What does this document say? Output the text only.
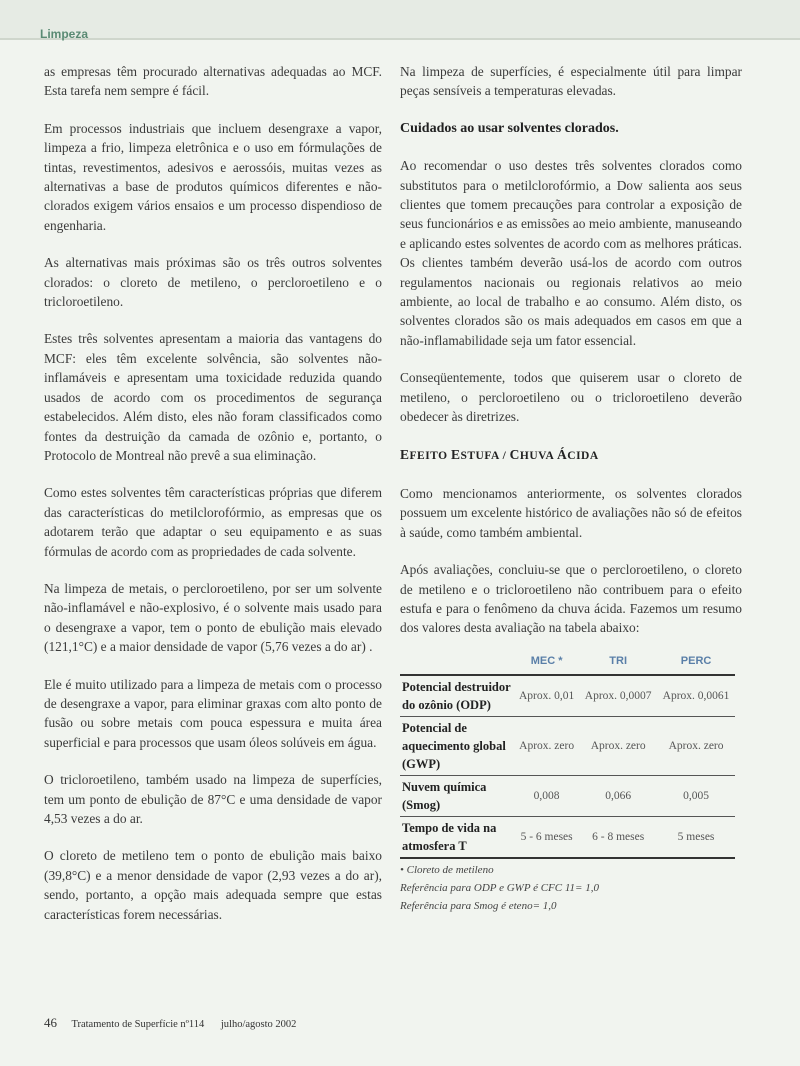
Limpeza

as empresas têm procurado alternativas adequadas ao MCF. Esta tarefa nem sempre é fácil.

Em processos industriais que incluem desengraxe a vapor, limpeza a frio, limpeza eletrônica e o uso em fórmulações de tintas, revestimentos, adesivos e aerossóis, muitas vezes as alternativas a base de produtos químicos diferentes e não-clorados exigem vários ensaios e um processo dispendioso de engenharia.

As alternativas mais próximas são os três outros solventes clorados: o cloreto de metileno, o percloroetileno e o tricloroetileno.

Estes três solventes apresentam a maioria das vantagens do MCF: eles têm excelente solvência, são solventes não-inflamáveis e apresentam uma toxicidade reduzida quando usados de acordo com os procedimentos de segurança estabelecidos. Além disto, eles não foram classificados como fontes da destruição da camada de ozônio e, portanto, o Protocolo de Montreal não prevê a sua eliminação.

Como estes solventes têm características próprias que diferem das características do metilclorofórmio, as empresas que os adotarem terão que adaptar o seu equipamento e as suas fórmulas de acordo com as propriedades de cada solvente.

Na limpeza de metais, o percloroetileno, por ser um solvente não-inflamável e não-explosivo, é o solvente mais usado para o desengraxe a vapor, tem o ponto de ebulição mais elevado (121,1°C) e a maior densidade de vapor (5,76 vezes a do ar) .

Ele é muito utilizado para a limpeza de metais com o processo de desengraxe a vapor, para eliminar graxas com alto ponto de fusão ou sobre metais com pouca espessura e muita área superficial e para processos que usam óleos solúveis em água.

O tricloroetileno, também usado na limpeza de superfícies, tem um ponto de ebulição de 87°C e uma densidade de vapor 4,53 vezes a do ar.

O cloreto de metileno tem o ponto de ebulição mais baixo (39,8°C) e a menor densidade de vapor (2,93 vezes a do ar), sendo, portanto, a opção mais adequada sempre que estas características forem necessárias.

Na limpeza de superfícies, é especialmente útil para limpar peças sensíveis a temperaturas elevadas.

Cuidados ao usar solventes clorados.

Ao recomendar o uso destes três solventes clorados como substitutos para o metilclorofórmio, a Dow salienta aos seus clientes que tomem precauções para controlar a exposição de seus funcionários e as emissões ao meio ambiente, manuseando e aplicando estes solventes de acordo com as melhores práticas. Os clientes também deverão usá-los de acordo com outros regulamentos nacionais ou regionais relativos ao meio ambiente, ao local de trabalho e ao consumo. Além disto, os solventes clorados são os mais adequados em casos em que a não-inflamabilidade seja um fator essencial.

Conseqüentemente, todos que quiserem usar o cloreto de metileno, o percloroetileno ou o tricloroetileno deverão obedecer às diretrizes.

EFEITO ESTUFA / CHUVA ÁCIDA

Como mencionamos anteriormente, os solventes clorados possuem um excelente histórico de avaliações não só de efeitos à saúde, como também ambiental.

Após avaliações, concluiu-se que o percloroetileno, o cloreto de metileno e o tricloroetileno não contribuem para o efeito estufa e para o fenômeno da chuva ácida. Fazemos um resumo dos valores desta avaliação na tabela abaixo:

	MEC *	TRI	PERC
Potencial destruidor do ozônio (ODP)	Aprox. 0,01	Aprox. 0,0007	Aprox. 0,0061
Potencial de aquecimento global (GWP)	Aprox. zero	Aprox. zero	Aprox. zero
Nuvem química (Smog)	0,008	0,066	0,005
Tempo de vida na atmosfera T	5 - 6 meses	6 - 8 meses	5 meses
• Cloreto de metileno
Referência para ODP e GWP é CFC 11= 1,0
Referência para Smog é eteno= 1,0
46 Tratamento de Superfície nº114 julho/agosto 2002
